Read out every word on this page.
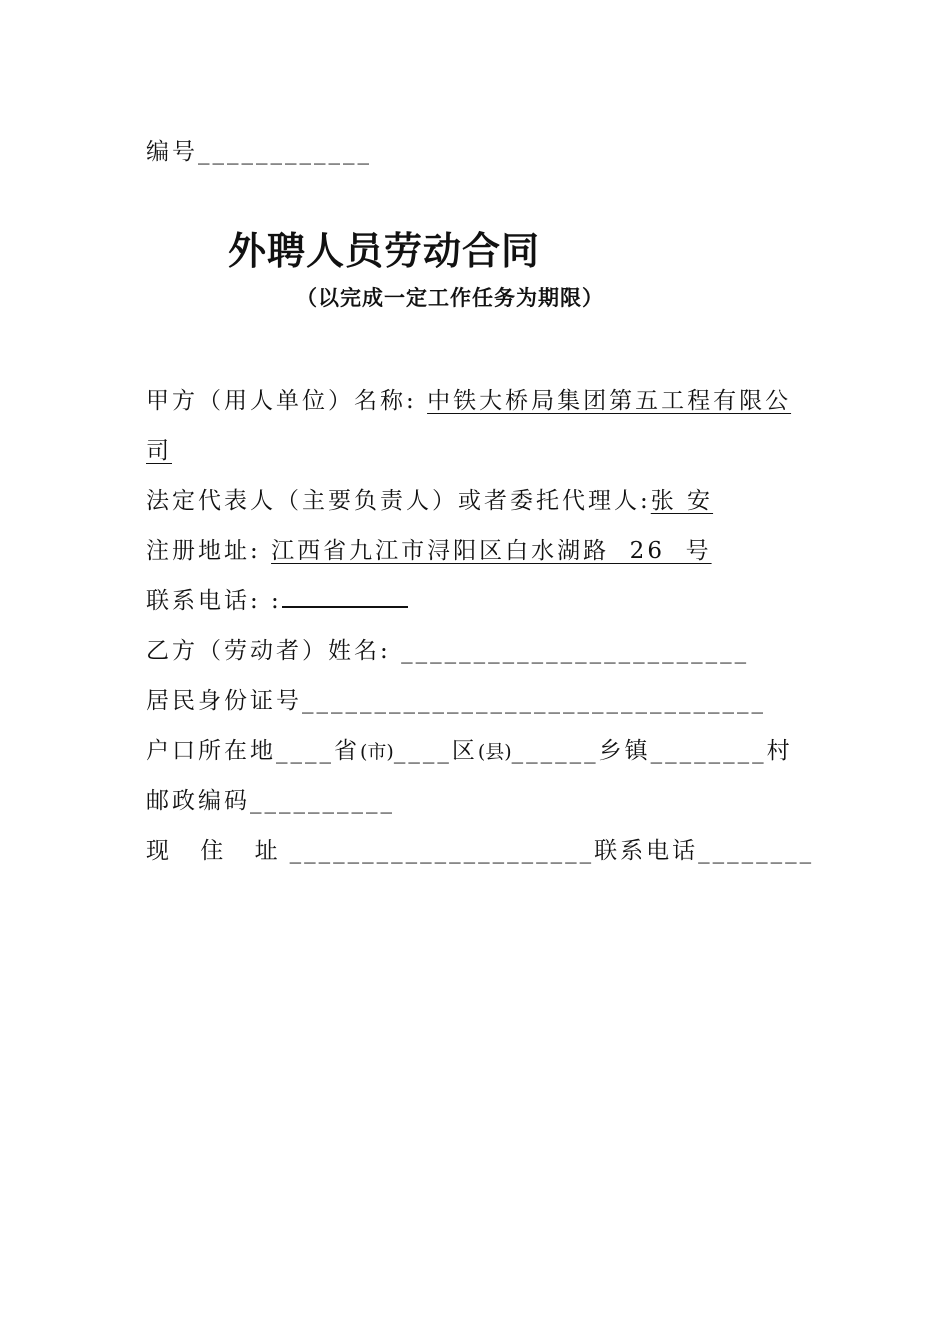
编号____________
外聘人员劳动合同
（以完成一定工作任务为期限）
甲方（用人单位）名称: 中铁大桥局集团第五工程有限公
司
法定代表人（主要负责人）或者委托代理人:张 安
注册地址: 江西省九江市浔阳区白水湖路  26  号
联系电话: :
乙方（劳动者）姓名: ________________________
居民身份证号________________________________
户口所在地____省(市)____区(县)______乡镇________村
邮政编码__________
现 住 址_____________________联系电话________
